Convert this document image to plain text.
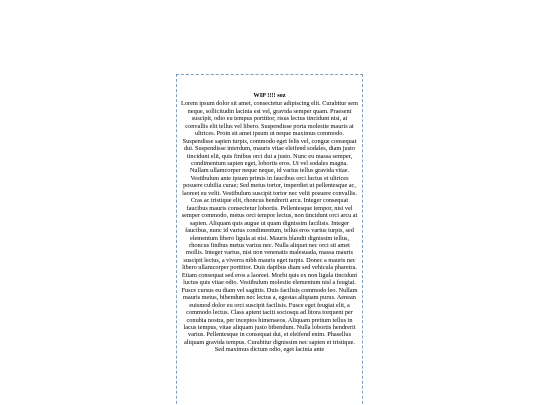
WIP !!!! soz

Lorem ipsum dolor sit amet, consectetur adipiscing elit. Curabitur sem neque, sollicitudin lacinia est vel, gravida semper quam. Praesent suscipit, odio eu tempus porttitor, risus lectus tincidunt nisi, at convallis elit tellus vel libero. Suspendisse porta molestie mauris at ultrices. Proin sit amet ipsum ut neque maximus commodo. Suspendisse sapien turpis, commodo eget felis vel, congue consequat dui. Suspendisse interdum, mauris vitae eleifend sodales, diam justo tincidunt elit, quis finibus orci dui a justo. Nunc eu massa semper, condimentum sapien eget, lobortis eros. Ut vel sodales magna. Nullam ullamcorper neque neque, id varius tellus gravida vitae. Vestibulum ante ipsum primis in faucibus orci luctus et ultrices posuere cubilia curae; Sed metus tortor, imperdiet ut pellentesque ac, laoreet eu velit. Vestibulum suscipit tortor nec velit posuere convallis. Cras ac tristique elit, rhoncus hendrerit arcu. Integer consequat faucibus mauris consectetur lobortis. Pellentesque tempor, nisi vel semper commodo, metus orci tempor lectus, non tincidunt orci arcu at sapien. Aliquam quis augue ut quam dignissim facilisis. Integer faucibus, nunc id varius condimentum, tellus eros varius turpis, sed elementum libero ligula at nisi. Mauris blandit dignissim tellus, rhoncus finibus metus varius nec. Nulla aliquet nec orci sit amet mollis. Integer varius, nisi non venenatis malesuada, massa mauris suscipit lectus, a viverra nibh mauris eget turpis. Donec a mauris nec libero ullamcorper porttitor. Duis dapibus diam sed vehicula pharetra. Etiam consequat sed eros a laoreet. Morbi quis ex non ligula tincidunt luctus quis vitae odio. Vestibulum molestie elementum nisl a feugiat. Fusce cursus eu diam vel sagittis. Duis facilisis commodo leo. Nullam mauris metus, bibendum nec lectus a, egestas aliquam purus. Aenean euismod dolor eu orci suscipit facilisis. Fusce eget feugiat elit, a commodo lectus. Class aptent taciti sociosqu ad litora torquent per conubia nostra, per inceptos himenaeos. Aliquam pretium tellus in lacus tempus, vitae aliquam justo bibendum. Nulla lobortis hendrerit varius. Pellentesque in consequat dui, et eleifend enim. Phasellus aliquam gravida tempus. Curabitur dignissim nec sapien et tristique. Sed maximus dictum odio, eget lacinia ante
